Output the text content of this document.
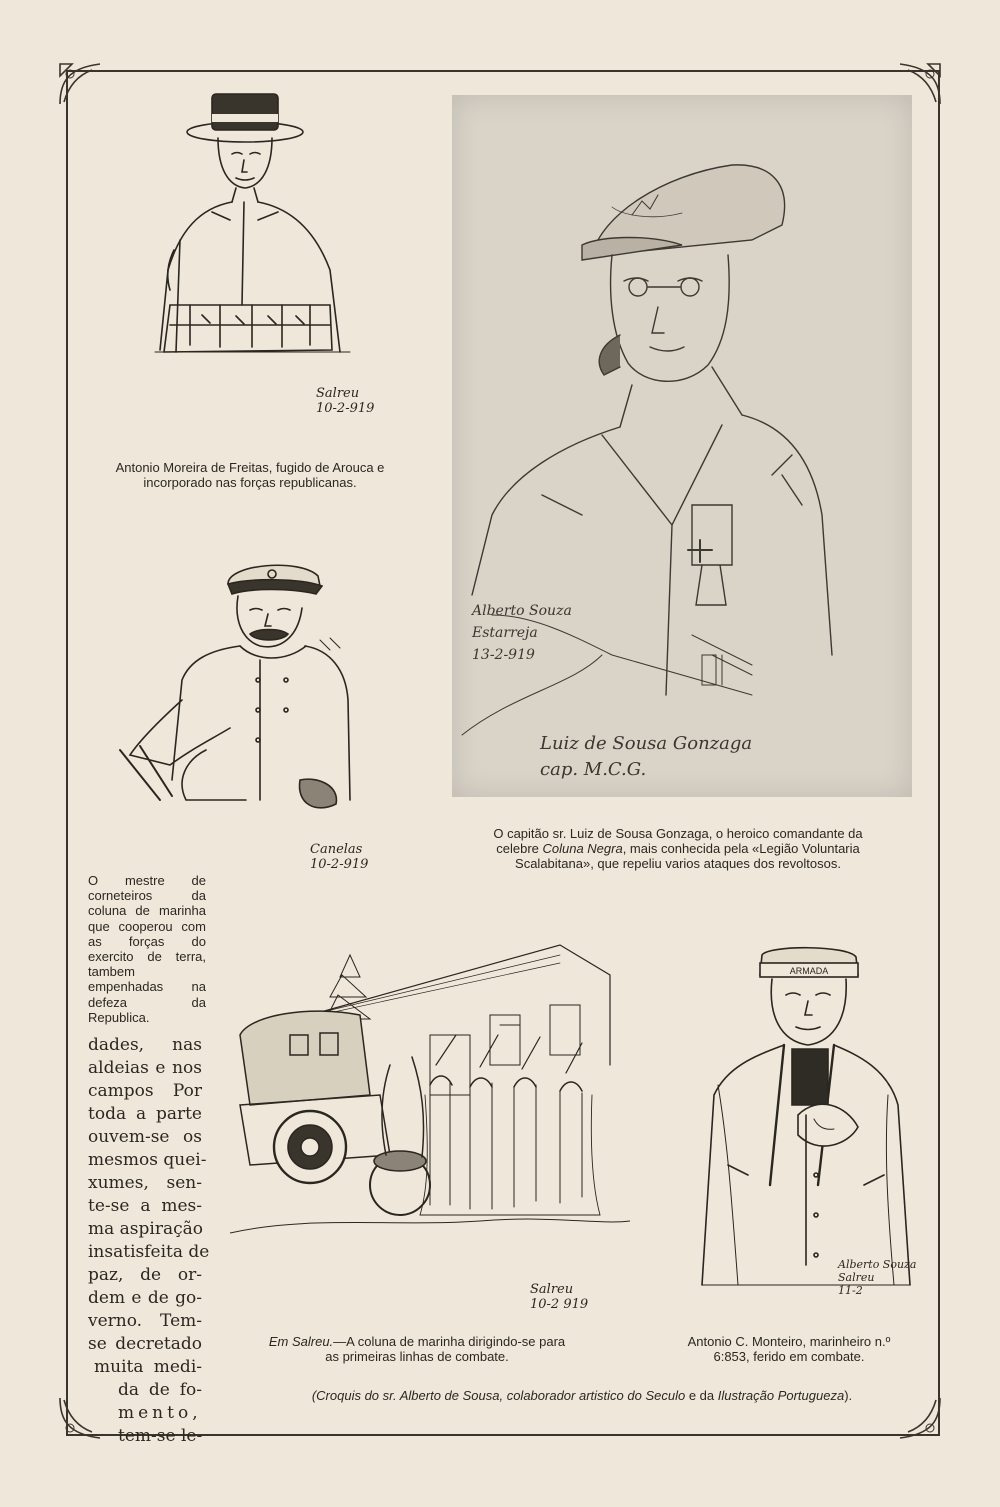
Salreu
10-2-919

Antonio Moreira de Freitas, fugido de Arouca e incorporado nas forças republicanas.

Alberto Souza
Estarreja
13-2-919
Luiz de Sousa Gonzaga
cap. M.C.G.

O capitão sr. Luiz de Sousa Gonzaga, o heroico comandante da celebre Coluna Negra, mais conhecida pela «Legião Voluntaria Scalabitana», que repeliu varios ataques dos revoltosos.

Canelas
10-2-919

O mestre de corneteiros da coluna de marinha que cooperou com as forças do exercito de terra, tambem empenhadas na defeza da Republica.

Salreu
10-2 919

Em Salreu.—A coluna de marinha dirigindo-se para as primeiras linhas de combate.

ARMADA
Alberto Souza
Salreu
11-2

Antonio C. Monteiro, marinheiro n.º 6:853, ferido em combate.

dades, nas
aldeias e nos
campos Por
toda a parte
ouvem-se os
mesmos quei-
xumes, sen-
te-se a mes-
ma aspiração
insatisfeita de
paz, de or-
dem e de go-
verno. Tem-
se decretado
muita medi-
da de fo-
mento,
tem-se le-
(Croquis do sr. Alberto de Sousa, colaborador artistico do Seculo e da Ilustração Portugueza).
